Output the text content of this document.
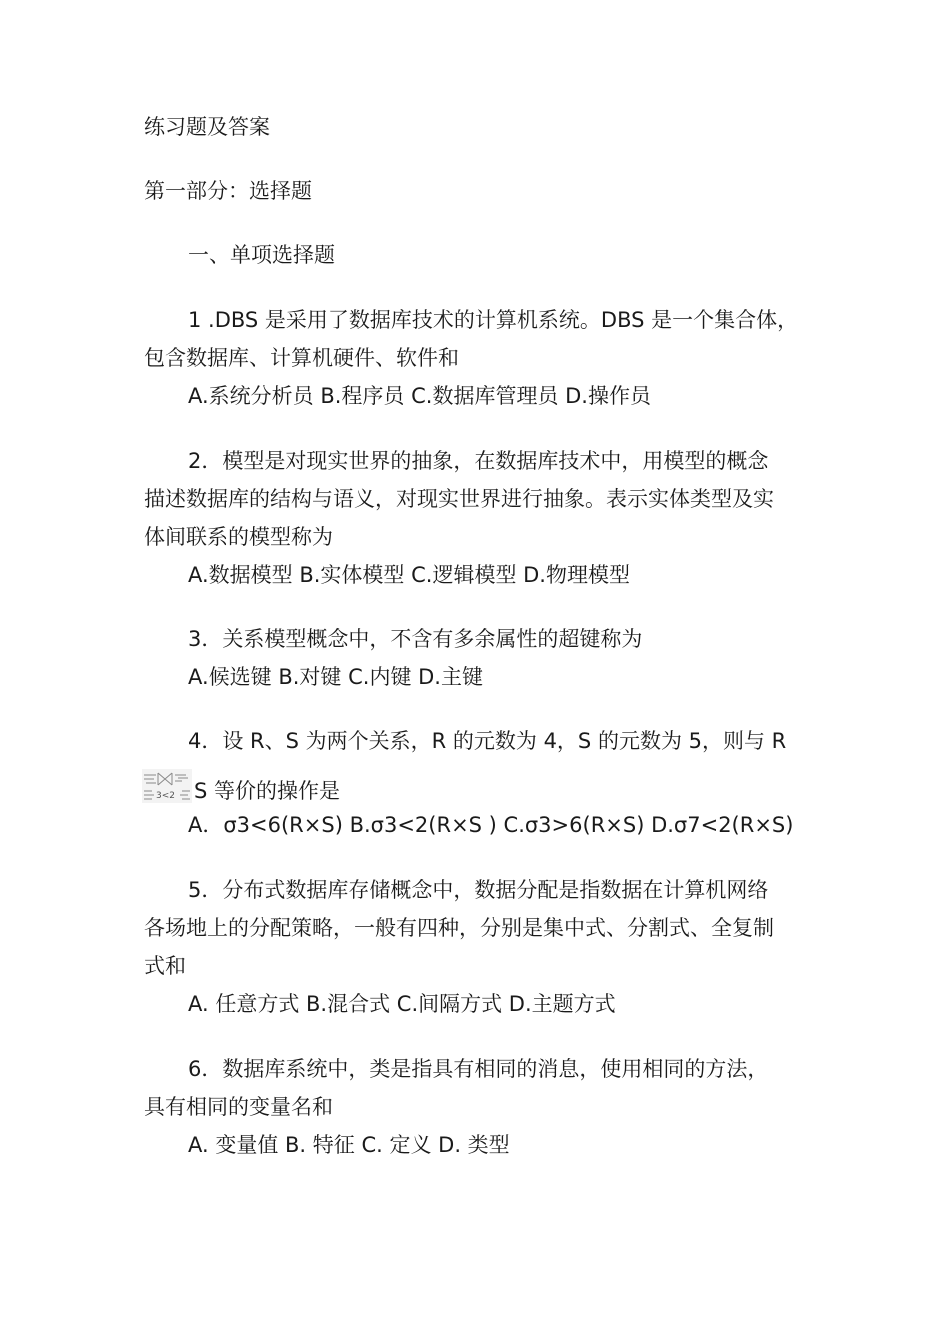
练习题及答案
第一部分：选择题
一、单项选择题
1 .DBS 是采用了数据库技术的计算机系统。DBS 是一个集合体，
包含数据库、计算机硬件、软件和
A.系统分析员 B.程序员 C.数据库管理员 D.操作员
2．模型是对现实世界的抽象，在数据库技术中，用模型的概念
描述数据库的结构与语义，对现实世界进行抽象。表示实体类型及实
体间联系的模型称为
A.数据模型 B.实体模型 C.逻辑模型 D.物理模型
3．关系模型概念中，不含有多余属性的超键称为
A.候选键 B.对键 C.内键 D.主键
4．设 R、S 为两个关系，R 的元数为 4，S 的元数为 5，则与 R
3<2 S 等价的操作是
A．σ3<6(R×S) B.σ3<2(R×S ) C.σ3>6(R×S) D.σ7<2(R×S)
5．分布式数据库存储概念中，数据分配是指数据在计算机网络
各场地上的分配策略，一般有四种，分别是集中式、分割式、全复制
式和
A. 任意方式 B.混合式 C.间隔方式 D.主题方式
6．数据库系统中，类是指具有相同的消息，使用相同的方法，
具有相同的变量名和
A. 变量值 B. 特征 C. 定义 D. 类型
